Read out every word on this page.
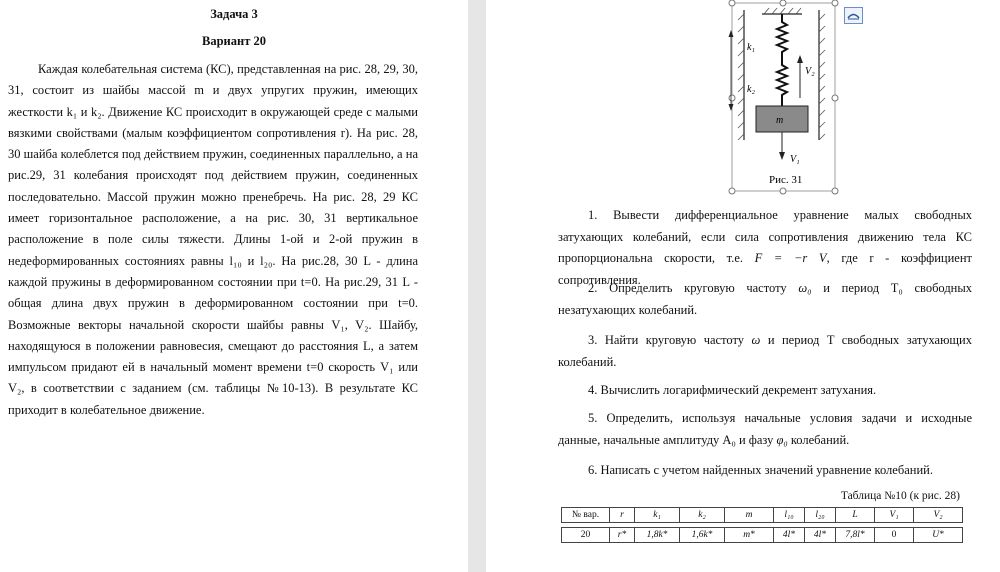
Задача 3
Вариант 20
Каждая колебательная система (КС), представленная на рис. 28, 29, 30, 31, состоит из шайбы массой m и двух упругих пружин, имеющих жесткости k₁ и k₂. Движение КС происходит в окружающей среде с малыми вязкими свойствами (малым коэффициентом сопротивления r). На рис. 28, 30 шайба колеблется под действием пружин, соединенных параллельно, а на рис.29, 31 колебания происходят под действием пружин, соединенных последовательно. Массой пружин можно пренебречь. На рис. 28, 29 КС имеет горизонтальное расположение, а на рис. 30, 31 вертикальное расположение в поле силы тяжести. Длины 1-ой и 2-ой пружин в недеформированных состояниях равны l₁₀ и l₂₀. На рис.28, 30 L - длина каждой пружины в деформированном состоянии при t=0. На рис.29, 31 L - общая длина двух пружин в деформированном состоянии при t=0. Возможные векторы начальной скорости шайбы равны V₁, V₂. Шайбу, находящуюся в положении равновесия, смещают до расстояния L, а затем импульсом придают ей в начальный момент времени t=0 скорость V₁ или V₂, в соответствии с заданием (см. таблицы №10-13). В результате КС приходит в колебательное движение.
k₁
k₂
m
V₁
V₂
Рис. 31
1. Вывести дифференциальное уравнение малых свободных затухающих колебаний, если сила сопротивления движению тела КС пропорциональна скорости, т.е. F = −r V, где r - коэффициент сопротивления.
2. Определить круговую частоту ω₀ и период T₀ свободных незатухающих колебаний.
3. Найти круговую частоту ω и период T свободных затухающих колебаний.
4. Вычислить логарифмический декремент затухания.
5. Определить, используя начальные условия задачи и исходные данные, начальные амплитуду A₀ и фазу φ₀ колебаний.
6. Написать с учетом найденных значений уравнение колебаний.
Таблица №10 (к рис. 28)
№ вар.	r	k₁	k₂	m	l₁₀	l₂₀	L	V₁	V₂

20	r*	1,8k*	1,6k*	m*	4l*	4l*	7,8l*	0	U*
